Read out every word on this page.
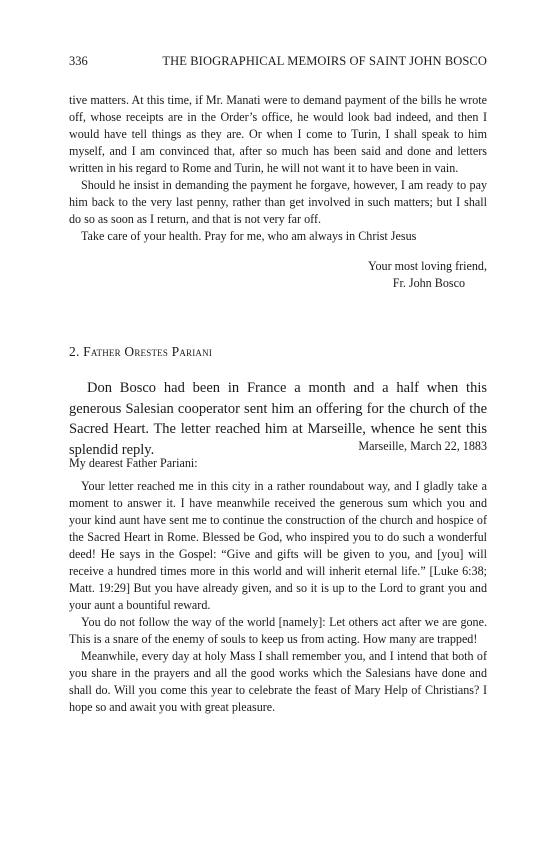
336	THE BIOGRAPHICAL MEMOIRS OF SAINT JOHN BOSCO

tive matters. At this time, if Mr. Manati were to demand payment of the bills he wrote off, whose receipts are in the Order’s office, he would look bad indeed, and then I would have tell things as they are. Or when I come to Turin, I shall speak to him myself, and I am convinced that, after so much has been said and done and letters written in his regard to Rome and Turin, he will not want it to have been in vain.

Should he insist in demanding the payment he forgave, however, I am ready to pay him back to the very last penny, rather than get involved in such matters; but I shall do so as soon as I return, and that is not very far off.

Take care of your health. Pray for me, who am always in Christ Jesus

Your most loving friend,
Fr. John Bosco
2. Father Orestes Pariani

Don Bosco had been in France a month and a half when this generous Salesian cooperator sent him an offering for the church of the Sacred Heart. The letter reached him at Marseille, whence he sent this splendid reply.	Marseille, March 22, 1883
My dearest Father Pariani:

Your letter reached me in this city in a rather roundabout way, and I gladly take a moment to answer it. I have meanwhile received the generous sum which you and your kind aunt have sent me to continue the construction of the church and hospice of the Sacred Heart in Rome. Blessed be God, who inspired you to do such a wonderful deed! He says in the Gospel: “Give and gifts will be given to you, and [you] will receive a hundred times more in this world and will inherit eternal life.” [Luke 6:38; Matt. 19:29] But you have already given, and so it is up to the Lord to grant you and your aunt a bountiful reward.

You do not follow the way of the world [namely]: Let others act after we are gone. This is a snare of the enemy of souls to keep us from acting. How many are trapped!

Meanwhile, every day at holy Mass I shall remember you, and I intend that both of you share in the prayers and all the good works which the Salesians have done and shall do. Will you come this year to celebrate the feast of Mary Help of Christians? I hope so and await you with great pleasure.
